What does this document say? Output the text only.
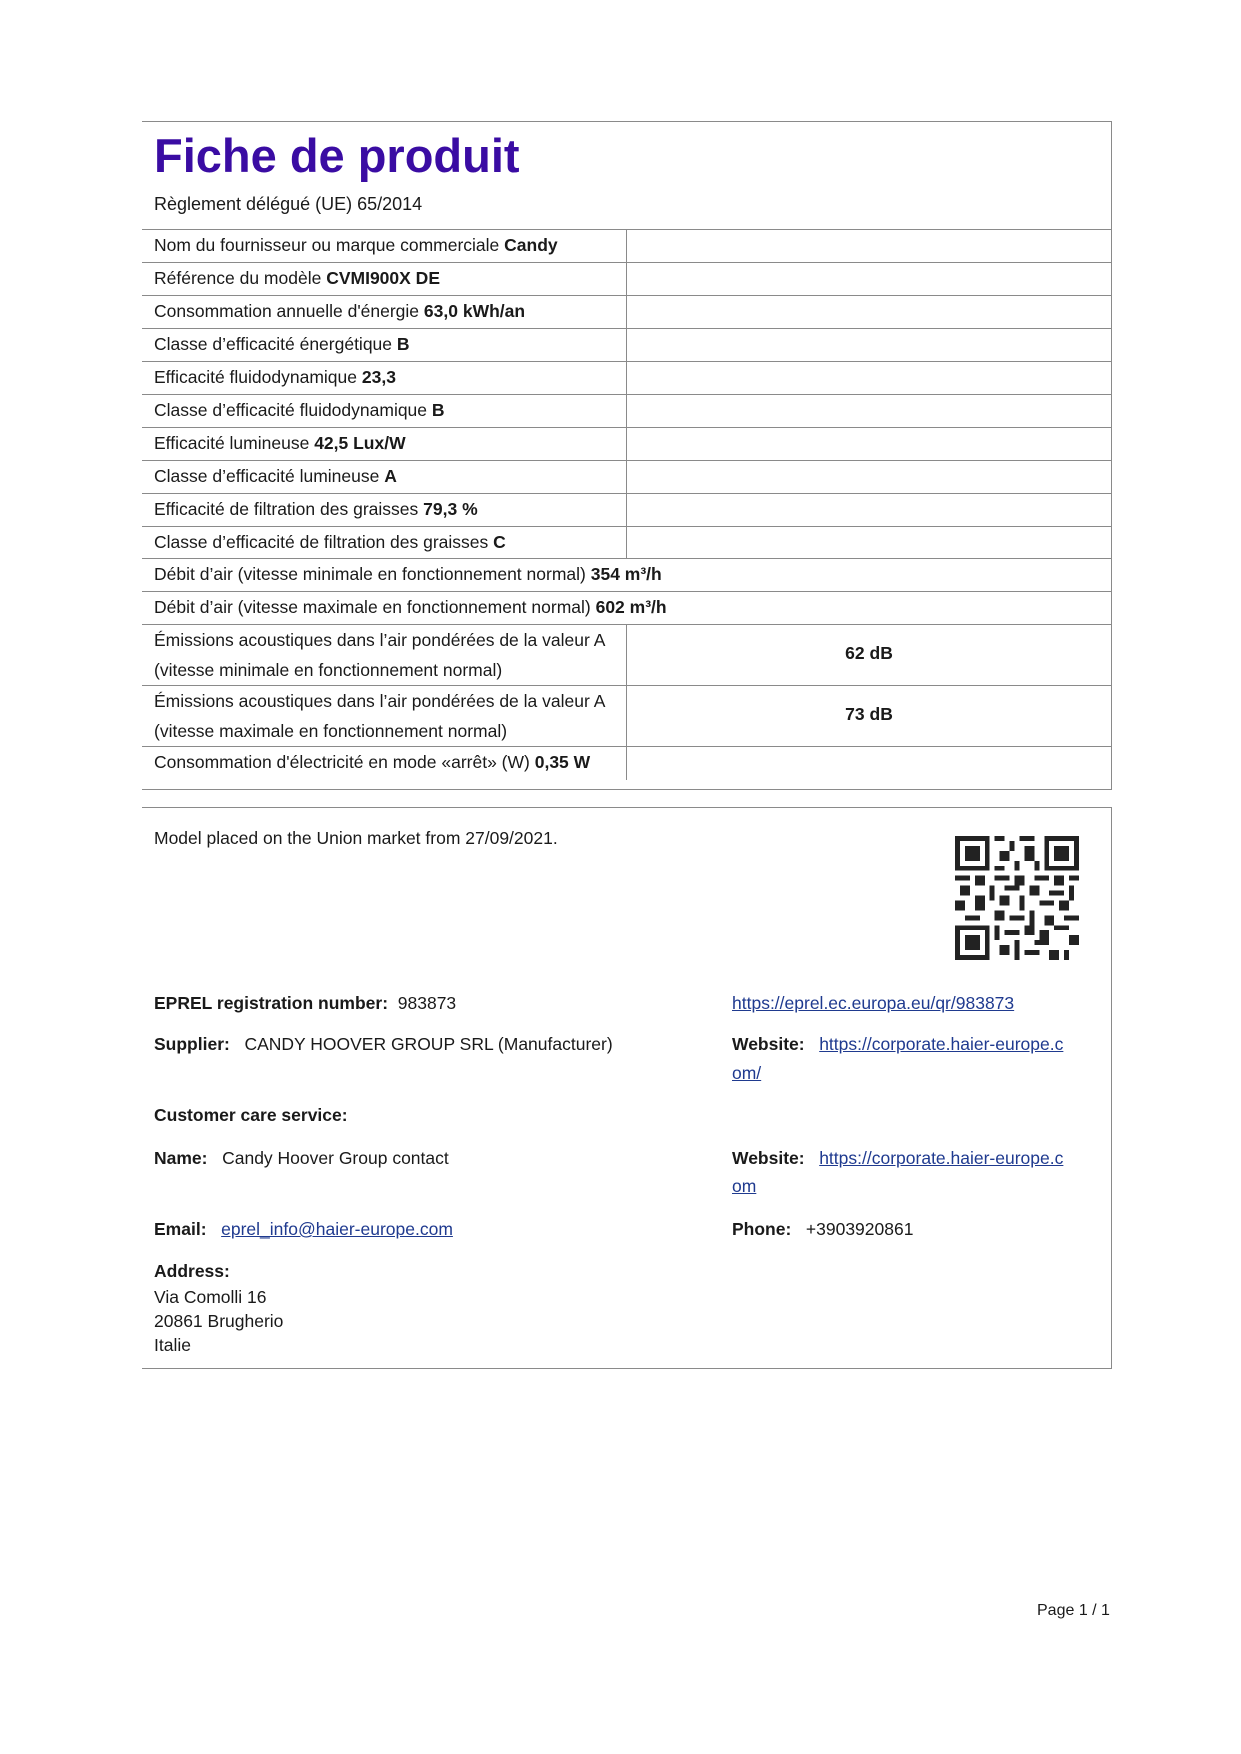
Fiche de produit
Règlement délégué (UE) 65/2014
Nom du fournisseur ou marque commerciale Candy
Référence du modèle CVMI900X DE
Consommation annuelle d'énergie 63,0 kWh/an
Classe d’efficacité énergétique B
Efficacité fluidodynamique 23,3
Classe d’efficacité fluidodynamique B
Efficacité lumineuse 42,5 Lux/W
Classe d’efficacité lumineuse A
Efficacité de filtration des graisses 79,3 %
Classe d’efficacité de filtration des graisses C
Débit d’air (vitesse minimale en fonctionnement normal) 354 m³/h
Débit d’air (vitesse maximale en fonctionnement normal) 602 m³/h
Émissions acoustiques dans l’air pondérées de la valeur A
(vitesse minimale en fonctionnement normal)
62 dB
Émissions acoustiques dans l’air pondérées de la valeur A
(vitesse maximale en fonctionnement normal)
73 dB
Consommation d'électricité en mode «arrêt» (W) 0,35 W
Model placed on the Union market from 27/09/2021.
EPREL registration number: 983873	https://eprel.ec.europa.eu/qr/983873
Supplier: CANDY HOOVER GROUP SRL (Manufacturer)	Website: https://corporate.haier-europe.c
om/
Customer care service:
Name: Candy Hoover Group contact	Website: https://corporate.haier-europe.c
om
Email: eprel_info@haier-europe.com	Phone: +3903920861
Address:
Via Comolli 16
20861 Brugherio
Italie
Page 1 / 1
